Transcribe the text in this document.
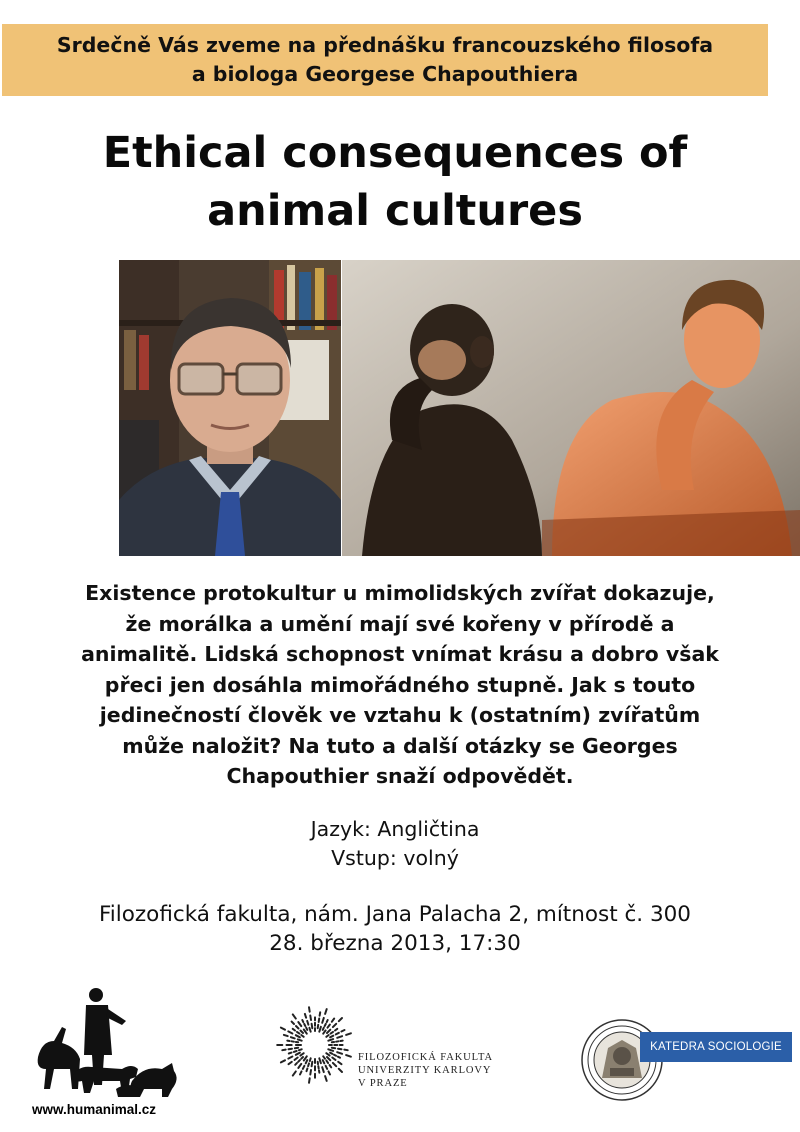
Srdečně Vás zveme na přednášku francouzského filosofa
a biologa Georgese Chapouthiera
Ethical consequences of
animal cultures
Existence protokultur u mimolidských zvířat dokazuje,
že morálka a umění mají své kořeny v přírodě a
animalitě. Lidská schopnost vnímat krásu a dobro však
přeci jen dosáhla mimořádného stupně. Jak s touto
jedinečností člověk ve vztahu k (ostatním) zvířatům
může naložit? Na tuto a další otázky se Georges
Chapouthier snaží odpovědět.
Jazyk: Angličtina
Vstup: volný
Filozofická fakulta, nám. Jana Palacha 2, mítnost č. 300
28. března 2013, 17:30
www.humanimal.cz
FILOZOFICKÁ FAKULTA
UNIVERZITY KARLOVY
V PRAZE
KATEDRA SOCIOLOGIE
